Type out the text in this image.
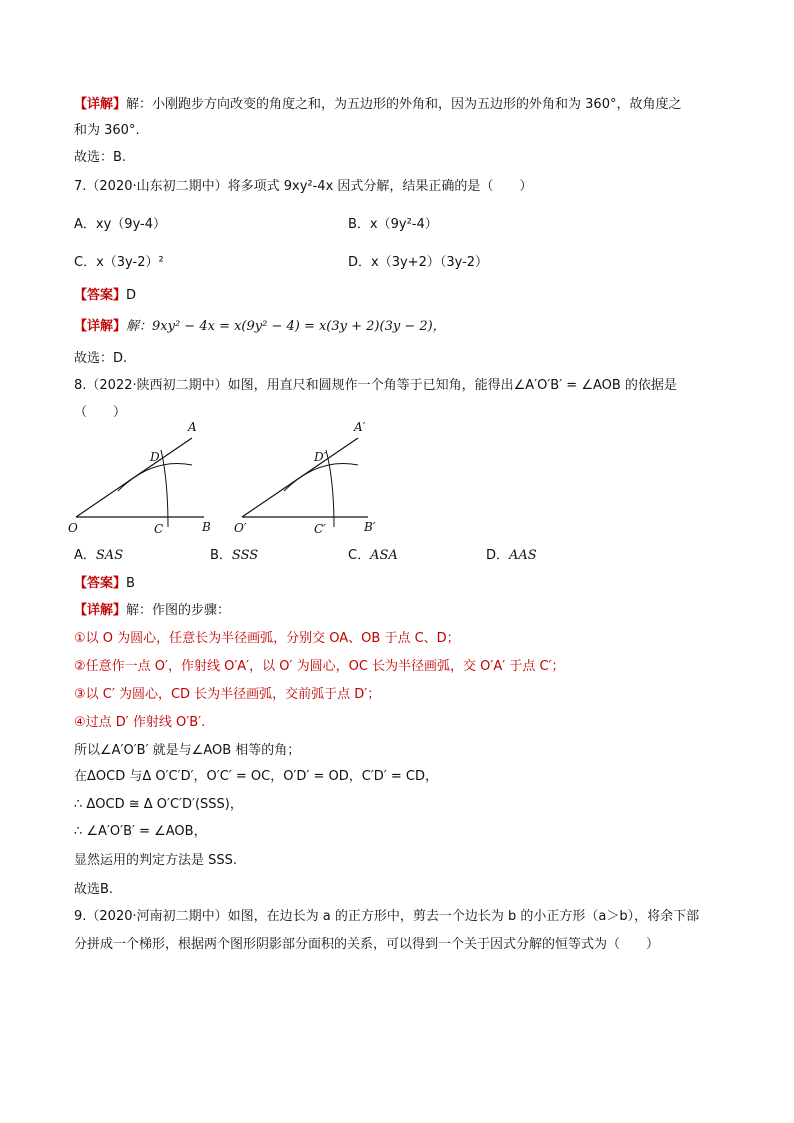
【详解】解：小刚跑步方向改变的角度之和，为五边形的外角和，因为五边形的外角和为 360°，故角度之
和为 360°.
故选：B.
7.（2020·山东初二期中）将多项式 9xy²-4x 因式分解，结果正确的是（　　）
A．xy（9y-4）	B．x（9y²-4）
C．x（3y-2）²	D．x（3y+2）（3y-2）
【答案】D
【详解】解：9xy² − 4x = x(9y² − 4) = x(3y + 2)(3y − 2)，
故选：D.
8.（2022·陕西初二期中）如图，用直尺和圆规作一个角等于已知角，能得出∠A′O′B′ = ∠AOB 的依据是
（　　）
O
A
B
C
D
O′
A′
B′
C′
D′
A．SAS	B．SSS	C．ASA	D．AAS
【答案】B
【详解】解：作图的步骤：
①以 O 为圆心，任意长为半径画弧，分别交 OA、OB 于点 C、D；
②任意作一点 O′，作射线 O′A′，以 O′ 为圆心，OC 长为半径画弧，交 O′A′ 于点 C′；
③以 C′ 为圆心，CD 长为半径画弧，交前弧于点 D′；
④过点 D′ 作射线 O′B′.
所以∠A′O′B′ 就是与∠AOB 相等的角；
在ΔOCD 与Δ O′C′D′，O′C′ = OC，O′D′ = OD，C′D′ = CD，
∴ ΔOCD ≅ Δ O′C′D′(SSS)，
∴ ∠A′O′B′ = ∠AOB，
显然运用的判定方法是 SSS.
故选B.
9.（2020·河南初二期中）如图，在边长为 a 的正方形中，剪去一个边长为 b 的小正方形（a＞b），将余下部
分拼成一个梯形，根据两个图形阴影部分面积的关系，可以得到一个关于因式分解的恒等式为（　　）
